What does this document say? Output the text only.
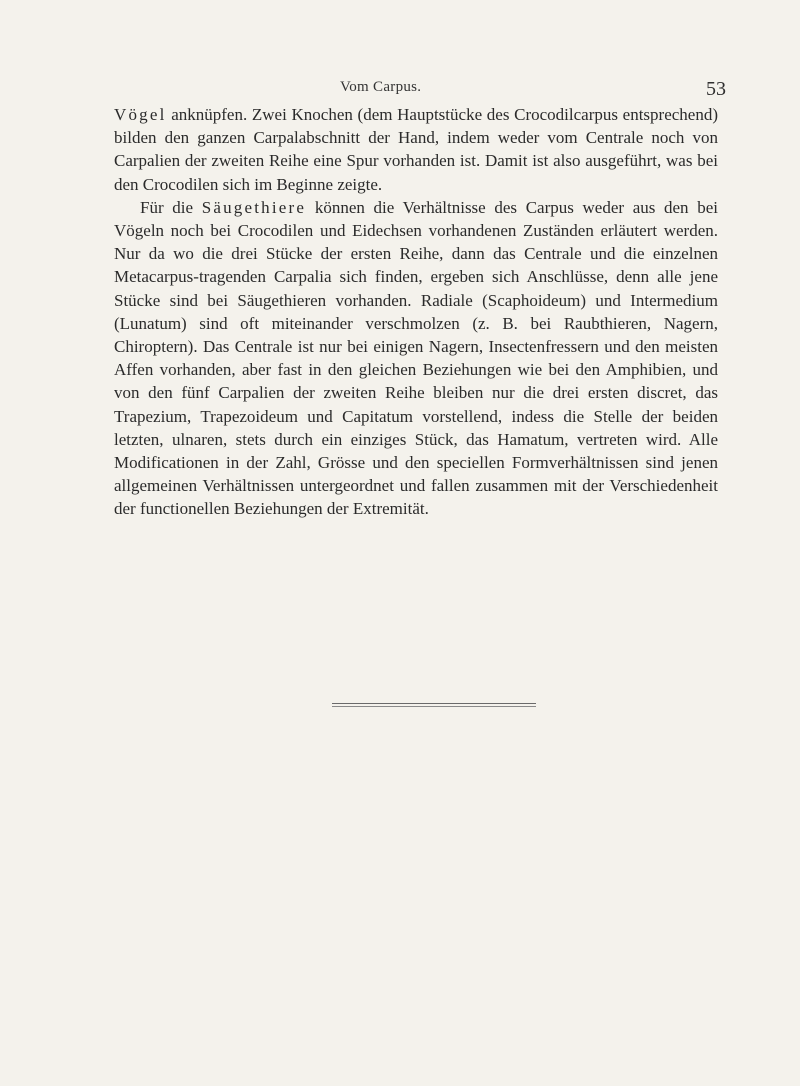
Vom Carpus.	53

Vögel anknüpfen. Zwei Knochen (dem Hauptstücke des Crocodilcarpus entsprechend) bilden den ganzen Carpalabschnitt der Hand, indem weder vom Centrale noch von Carpalien der zweiten Reihe eine Spur vorhanden ist. Damit ist also ausgeführt, was bei den Crocodilen sich im Beginne zeigte.

Für die Säugethiere können die Verhältnisse des Carpus weder aus den bei Vögeln noch bei Crocodilen und Eidechsen vorhandenen Zuständen erläutert werden. Nur da wo die drei Stücke der ersten Reihe, dann das Centrale und die einzelnen Metacarpus-tragenden Carpalia sich finden, ergeben sich Anschlüsse, denn alle jene Stücke sind bei Säugethieren vorhanden. Radiale (Scaphoideum) und Intermedium (Lunatum) sind oft miteinander verschmolzen (z. B. bei Raubthieren, Nagern, Chiroptern). Das Centrale ist nur bei einigen Nagern, Insectenfressern und den meisten Affen vorhanden, aber fast in den gleichen Beziehungen wie bei den Amphibien, und von den fünf Carpalien der zweiten Reihe bleiben nur die drei ersten discret, das Trapezium, Trapezoideum und Capitatum vorstellend, indess die Stelle der beiden letzten, ulnaren, stets durch ein einziges Stück, das Hamatum, vertreten wird. Alle Modificationen in der Zahl, Grösse und den speciellen Formverhältnissen sind jenen allgemeinen Verhältnissen untergeordnet und fallen zusammen mit der Verschiedenheit der functionellen Beziehungen der Extremität.
